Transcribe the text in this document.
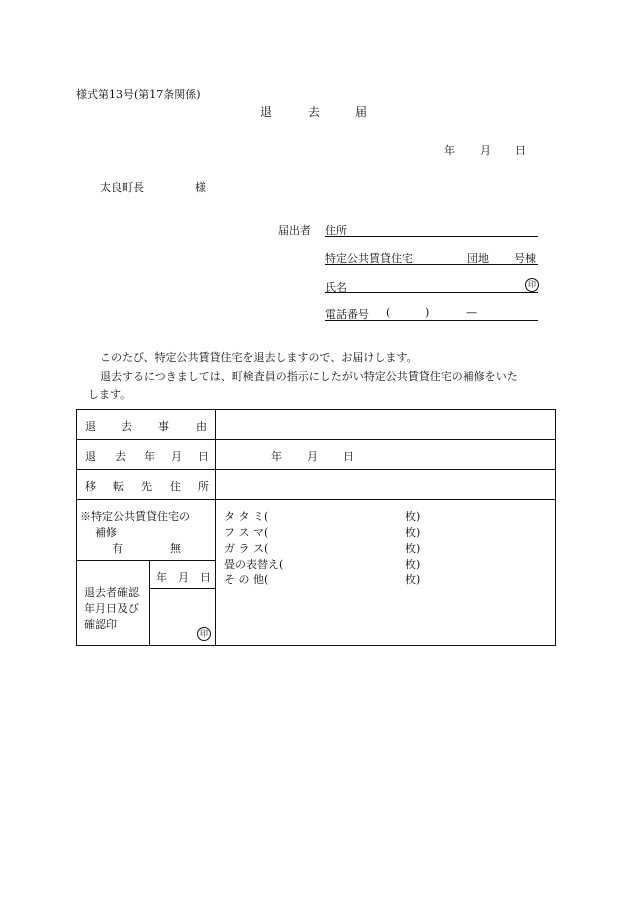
様式第13号(第17条関係)
退	去	届
年 月 日
太良町長	様
届出者 住所
特定公共賃貸住宅	団地 号棟
氏名	印
電話番号 (	)	—
このたび、特定公共賃貸住宅を退去しますので、お届けします。
退去するにつきましては、町検査員の指示にしたがい特定公共賃貸住宅の補修をいた
します。
退 去 事 由
退 去 年 月 日	年 月 日
移 転 先 住 所
※特定公共賃貸住宅の
補修
有	無
タ タ ミ(	枚)
フ ス マ(	枚)
ガ ラ ス(	枚)
畳の表替え(	枚)
そ の 他(	枚)
退去者確認
年月日及び
確認印
年 月 日
印
